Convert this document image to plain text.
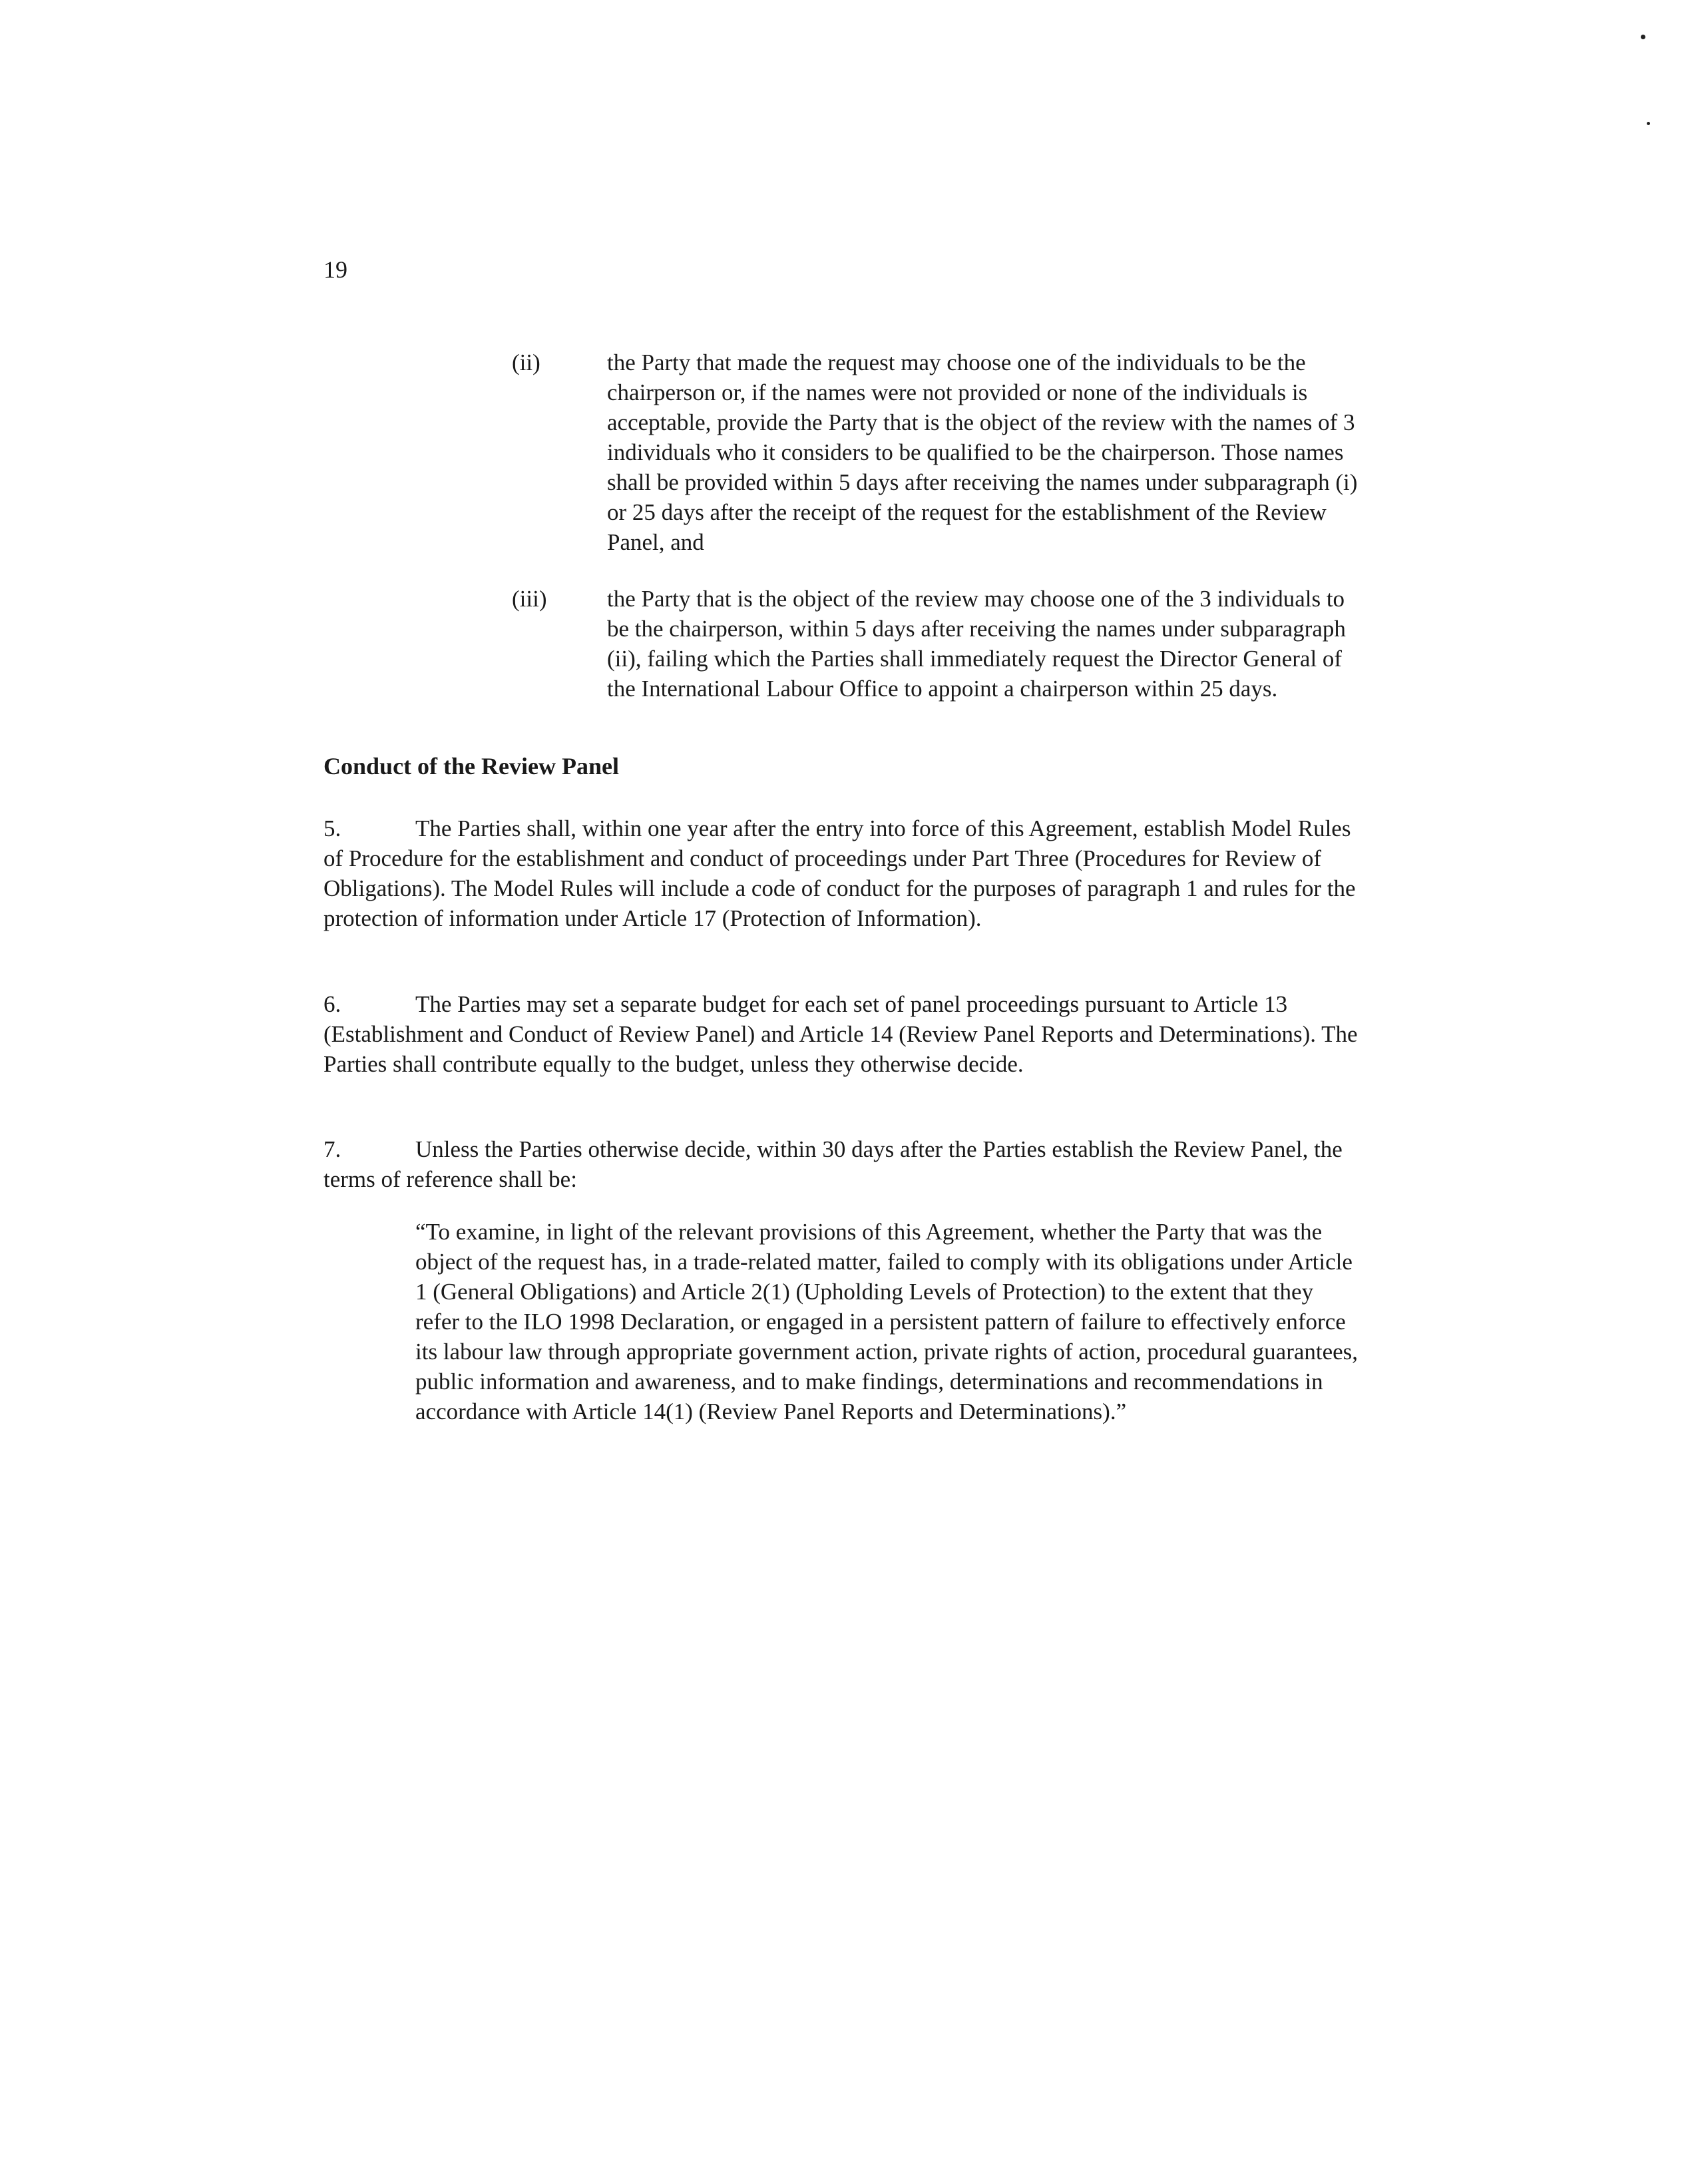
19
(ii)	the Party that made the request may choose one of the individuals to be the chairperson or, if the names were not provided or none of the individuals is acceptable, provide the Party that is the object of the review with the names of 3 individuals who it considers to be qualified to be the chairperson. Those names shall be provided within 5 days after receiving the names under subparagraph (i) or 25 days after the receipt of the request for the establishment of the Review Panel, and
(iii)	the Party that is the object of the review may choose one of the 3 individuals to be the chairperson, within 5 days after receiving the names under subparagraph (ii), failing which the Parties shall immediately request the Director General of the International Labour Office to appoint a chairperson within 25 days.
Conduct of the Review Panel
5.	The Parties shall, within one year after the entry into force of this Agreement, establish Model Rules of Procedure for the establishment and conduct of proceedings under Part Three (Procedures for Review of Obligations). The Model Rules will include a code of conduct for the purposes of paragraph 1 and rules for the protection of information under Article 17 (Protection of Information).
6.	The Parties may set a separate budget for each set of panel proceedings pursuant to Article 13 (Establishment and Conduct of Review Panel) and Article 14 (Review Panel Reports and Determinations). The Parties shall contribute equally to the budget, unless they otherwise decide.
7.	Unless the Parties otherwise decide, within 30 days after the Parties establish the Review Panel, the terms of reference shall be:
“To examine, in light of the relevant provisions of this Agreement, whether the Party that was the object of the request has, in a trade-related matter, failed to comply with its obligations under Article 1 (General Obligations) and Article 2(1) (Upholding Levels of Protection) to the extent that they refer to the ILO 1998 Declaration, or engaged in a persistent pattern of failure to effectively enforce its labour law through appropriate government action, private rights of action, procedural guarantees, public information and awareness, and to make findings, determinations and recommendations in accordance with Article 14(1) (Review Panel Reports and Determinations).”
